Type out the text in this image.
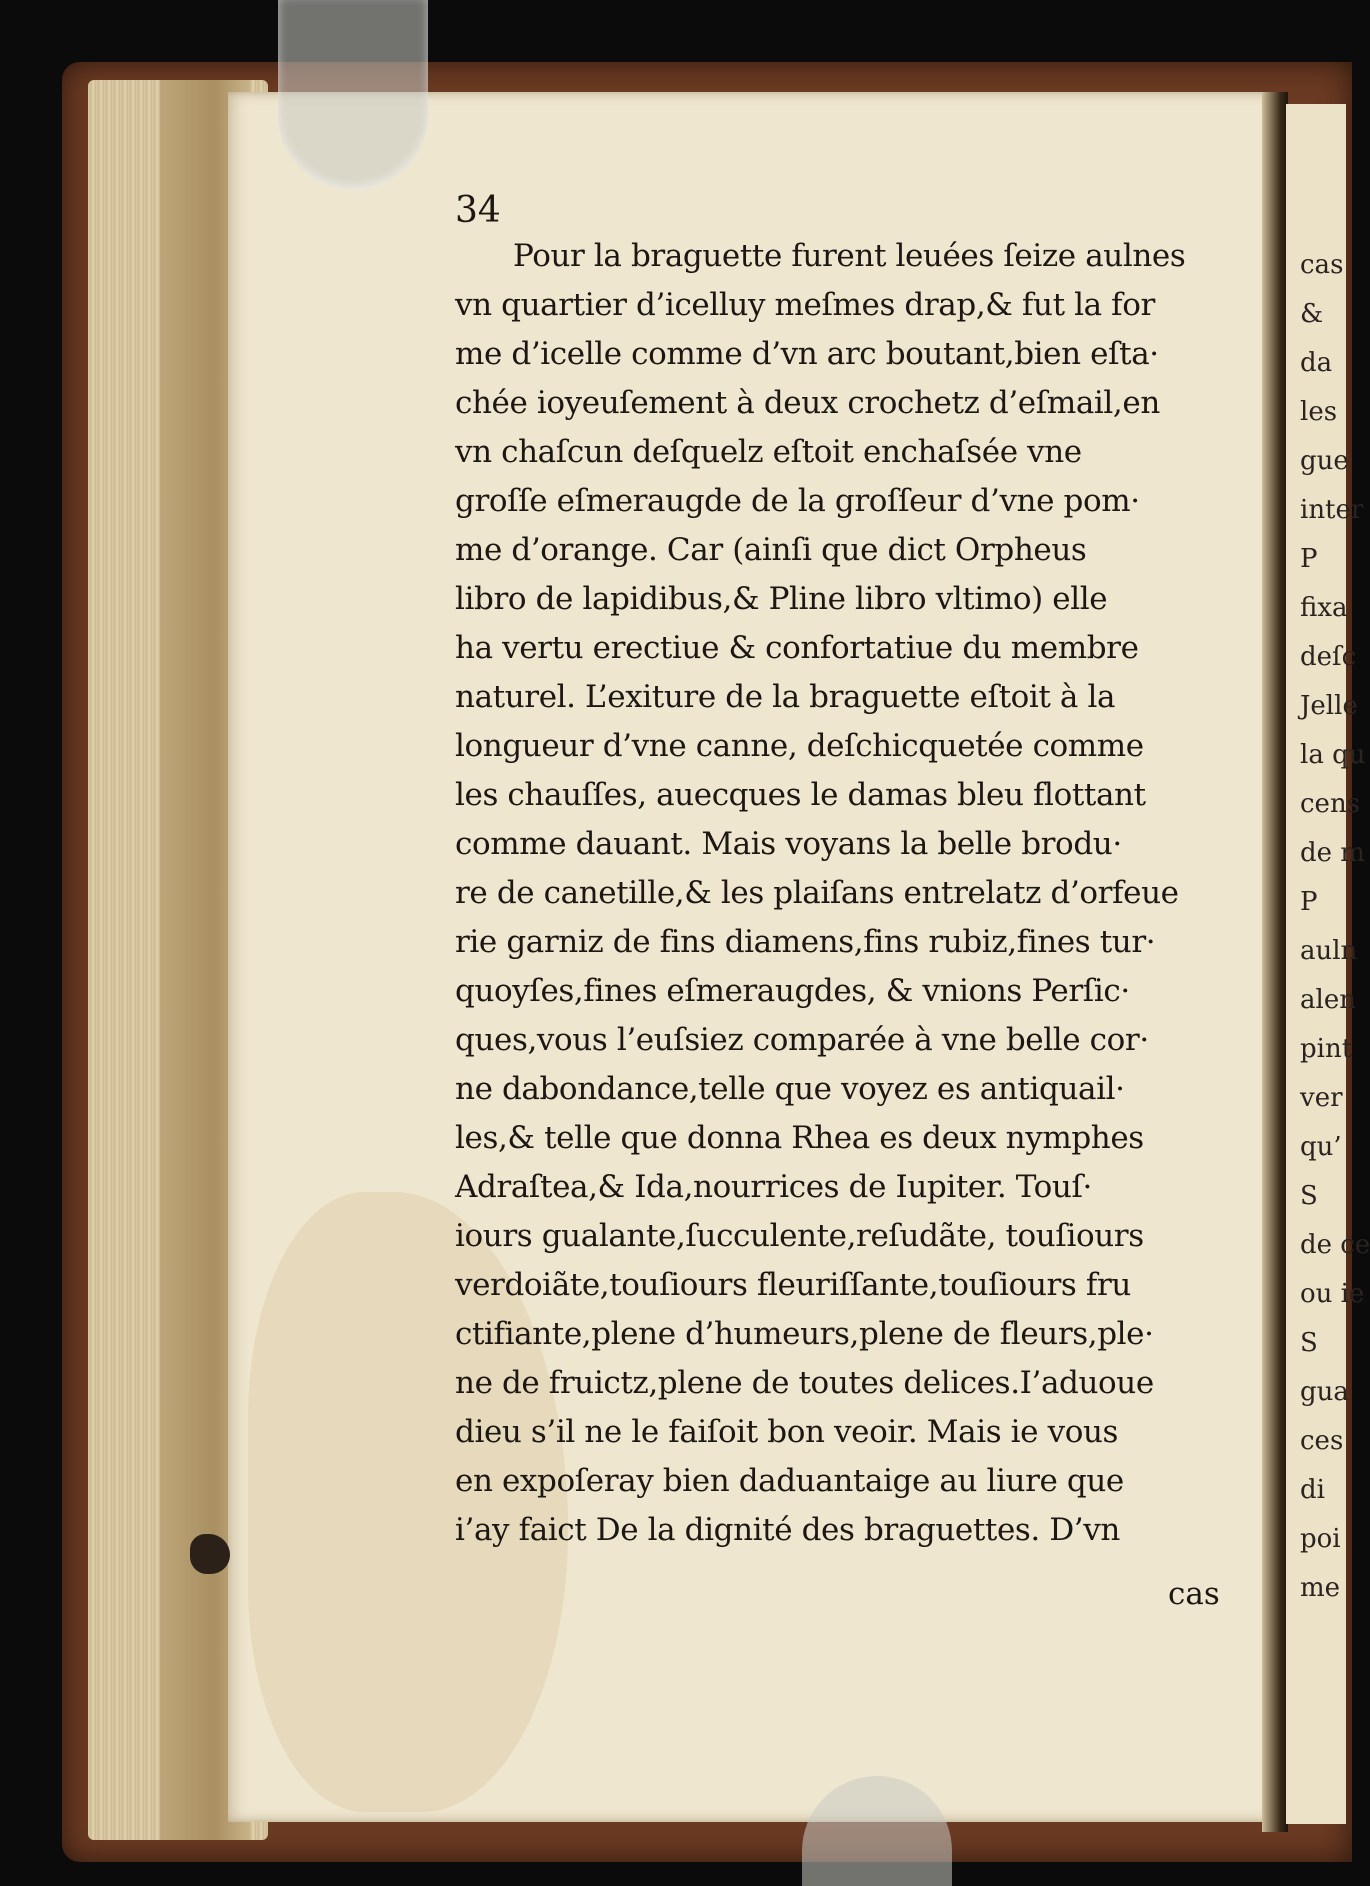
cas
&
da
les
gue
inter
P
fixa
deſc
Jelle
la qu
cens
de m
P
auln
alen
pint
ver
qu’
S
de ce
ou ie
S
gua
ces
di
poi
me
34
Pour la braguette furent leuées ſeize aulnes
vn quartier d’icelluy meſmes drap,& fut la for
me d’icelle comme d’vn arc boutant,bien eſta·
chée ioyeuſement à deux crochetz d’eſmail,en
vn chaſcun deſquelz eſtoit enchaſsée vne
groſſe eſmeraugde de la groſſeur d’vne pom·
me d’orange. Car (ainſi que dict Orpheus
libro de lapidibus,& Pline libro vltimo) elle
ha vertu erectiue & confortatiue du membre
naturel. L’exiture de la braguette eſtoit à la
longueur d’vne canne, deſchicquetée comme
les chauſſes, auecques le damas bleu flottant
comme dauant. Mais voyans la belle brodu·
re de canetille,& les plaiſans entrelatz d’orfeue
rie garniz de fins diamens,fins rubiz,fines tur·
quoyſes,fines eſmeraugdes, & vnions Perſic·
ques,vous l’euſsiez comparée à vne belle cor·
ne dabondance,telle que voyez es antiquail·
les,& telle que donna Rhea es deux nymphes
Adraſtea,& Ida,nourrices de Iupiter. Touſ·
iours gualante,ſucculente,reſudãte, touſiours
verdoiãte,touſiours fleuriſſante,touſiours fru
ctifiante,plene d’humeurs,plene de fleurs,ple·
ne de fruictz,plene de toutes delices.I’aduoue
dieu s’il ne le faiſoit bon veoir. Mais ie vous
en expoſeray bien daduantaige au liure que
i’ay faict De la dignité des braguettes. D’vn
cas
